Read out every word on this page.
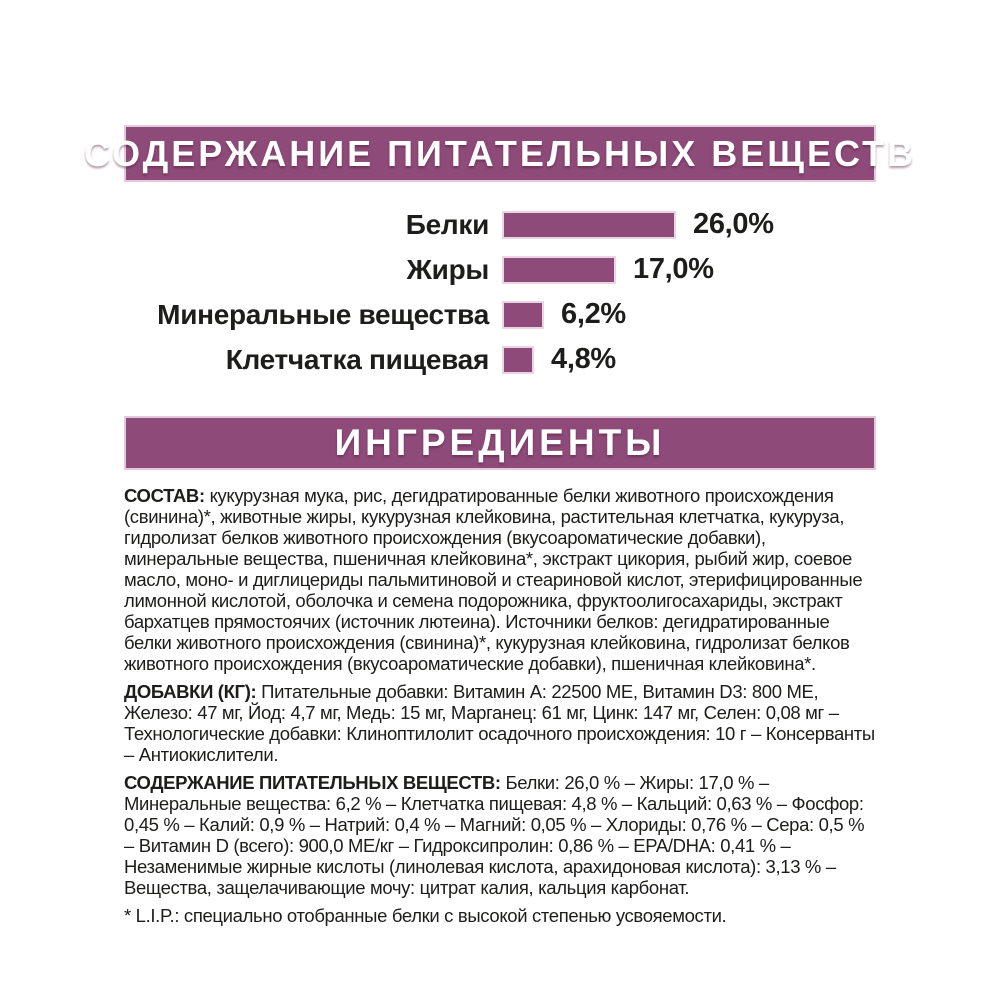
СОДЕРЖАНИЕ ПИТАТЕЛЬНЫХ ВЕЩЕСТВ
Белки	26,0%
Жиры	17,0%
Минеральные вещества 6,2%
Клетчатка пищевая 4,8%
ИНГРЕДИЕНТЫ

СОСТАВ: кукурузная мука, рис, дегидратированные белки животного происхождения (свинина)*, животные жиры, кукурузная клейковина, растительная клетчатка, кукуруза, гидролизат белков животного происхождения (вкусоароматические добавки), минеральные вещества, пшеничная клейковина*, экстракт цикория, рыбий жир, соевое масло, моно- и диглицериды пальмитиновой и стеариновой кислот, этерифицированные лимонной кислотой, оболочка и семена подорожника, фруктоолигосахариды, экстракт бархатцев прямостоячих (источник лютеина). Источники белков: дегидратированные белки животного происхождения (свинина)*, кукурузная клейковина, гидролизат белков животного происхождения (вкусоароматические добавки), пшеничная клейковина*.

ДОБАВКИ (КГ): Питательные добавки: Витамин А: 22500 МЕ, Витамин D3: 800 МЕ, Железо: 47 мг, Йод: 4,7 мг, Медь: 15 мг, Марганец: 61 мг, Цинк: 147 мг, Селен: 0,08 мг – Технологические добавки: Клиноптилолит осадочного происхождения: 10 г – Консерванты – Антиокислители.

СОДЕРЖАНИЕ ПИТАТЕЛЬНЫХ ВЕЩЕСТВ: Белки: 26,0 % – Жиры: 17,0 % – Минеральные вещества: 6,2 % – Клетчатка пищевая: 4,8 % – Кальций: 0,63 % – Фосфор: 0,45 % – Калий: 0,9 % – Натрий: 0,4 % – Магний: 0,05 % – Хлориды: 0,76 % – Сера: 0,5 % – Витамин D (всего): 900,0 МЕ/кг – Гидроксипролин: 0,86 % – EPA/DHA: 0,41 % – Незаменимые жирные кислоты (линолевая кислота, арахидоновая кислота): 3,13 % – Вещества, защелачивающие мочу: цитрат калия, кальция карбонат.

* L.I.P.: специально отобранные белки с высокой степенью усвояемости.
